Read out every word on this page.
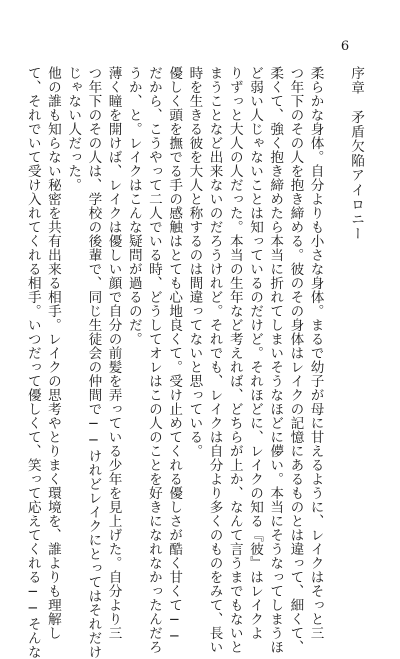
6
序章　矛盾欠陥アイロニー
柔らかな身体。自分よりも小さな身体。まるで幼子が母に甘えるように、レイクはそっと三
つ年下のその人を抱き締める。彼のその身体はレイクの記憶にあるものとは違って、細くて、
柔くて、強く抱き締めたら本当に折れてしまいそうなほどに儚い。本当にそうなってしまうほ
ど弱い人じゃないことは知っているのだけど。それほどに、レイクの知る『彼』はレイクよ
りずっと大人の人だった。本当の生年など考えれば、どちらが上か、なんて言うまでもないと
まうことなど出来ないのだろうけれど。それでも、レイクは自分より多くのものをみて、長い
時を生きる彼を大人と称するのは間違ってないと思っている。
優しく頭を撫でる手の感触はとても心地良くて。受け止めてくれる優しさが酷く甘くて──
だから、こうやって二人でいる時、どうしてオレはこの人のことを好きになれなかったんだろ
うか、と。レイクはこんな疑問が過るのだ。
薄く瞳を開けば、レイクは優しい顔で自分の前髪を弄っている少年を見上げた。自分より三
つ年下のその人は、学校の後輩で、同じ生徒会の仲間で──けれどレイクにとってはそれだけ
じゃない人だった。
他の誰も知らない秘密を共有出来る相手。レイクの思考やとりまく環境を、誰よりも理解し
て、それでいて受け入れてくれる相手。いつだって優しくて、笑って応えてくれる──そんな
